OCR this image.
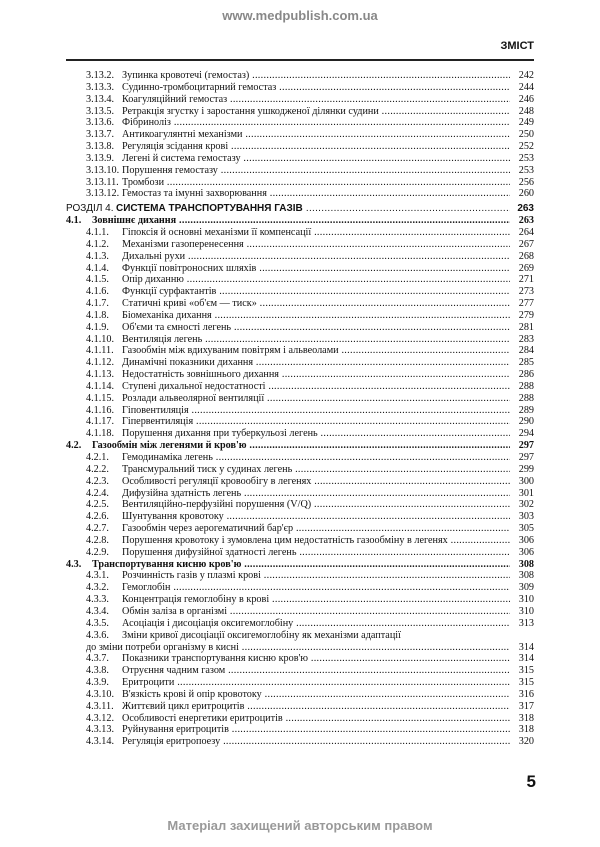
www.medpublish.com.ua
ЗМІСТ
3.13.2. Зупинка кровотечі (гемостаз) .....	242
3.13.3. Судинно-тромбоцитарний гемостаз .....	244
3.13.4. Коагуляційний гемостаз .....	246
3.13.5. Ретракція згустку і заростання ушкодженої ділянки судини .....	248
3.13.6. Фібриноліз .....	249
3.13.7. Антикоагулянтні механізми .....	250
3.13.8. Регуляція зсідання крові .....	252
3.13.9. Легені й система гемостазу .....	253
3.13.10. Порушення гемостазу .....	253
3.13.11. Тромбози .....	256
3.13.12. Гемостаз та імунні захворювання .....	260
РОЗДІЛ 4. СИСТЕМА ТРАНСПОРТУВАННЯ ГАЗІВ .....	263
4.1. Зовнішнє дихання .....	263
4.1.1. Гіпоксія й основні механізми її компенсації .....	264
4.1.2. Механізми газоперенесення .....	267
4.1.3. Дихальні рухи .....	268
4.1.4. Функції повітроносних шляхів .....	269
4.1.5. Опір диханню .....	271
4.1.6. Функції сурфактантів .....	273
4.1.7. Статичні криві «об'єм — тиск» .....	277
4.1.8. Біомеханіка дихання .....	279
4.1.9. Об'єми та ємності легень .....	281
4.1.10. Вентиляція легень .....	283
4.1.11. Газообмін між вдихуваним повітрям і альвеолами .....	284
4.1.12. Динамічні показники дихання .....	285
4.1.13. Недостатність зовнішнього дихання .....	286
4.1.14. Ступені дихальної недостатності .....	288
4.1.15. Розлади альвеолярної вентиляції .....	288
4.1.16. Гіповентиляція .....	289
4.1.17. Гіпервентиляція .....	290
4.1.18. Порушення дихання при туберкульозі легень .....	294
4.2. Газообмін між легенями й кров'ю .....	297
4.2.1. Гемодинаміка легень .....	297
4.2.2. Трансмуральний тиск у судинах легень .....	299
4.2.3. Особливості регуляції кровообігу в легенях .....	300
4.2.4. Дифузійна здатність легень .....	301
4.2.5. Вентиляційно-перфузійні порушення (V/Q) .....	302
4.2.6. Шунтування кровотоку .....	303
4.2.7. Газообмін через аерогематичний бар'єр .....	305
4.2.8. Порушення кровотоку і зумовлена цим недостатність газообміну в легенях .....	306
4.2.9. Порушення дифузійної здатності легень .....	306
4.3. Транспортування кисню кров'ю .....	308
4.3.1. Розчинність газів у плазмі крові .....	308
4.3.2. Гемоглобін .....	309
4.3.3. Концентрація гемоглобіну в крові .....	310
4.3.4. Обмін заліза в організмі .....	310
4.3.5. Асоціація і дисоціація оксигемоглобіну .....	313
4.3.6. Зміни кривої дисоціації оксигемоглобіну як механізми адаптації
до зміни потреби організму в кисні .....	314
4.3.7. Показники транспортування кисню кров'ю .....	314
4.3.8. Отруєння чадним газом .....	315
4.3.9. Еритроцити .....	315
4.3.10. В'язкість крові й опір кровотоку .....	316
4.3.11. Життєвий цикл еритроцитів .....	317
4.3.12. Особливості енергетики еритроцитів .....	318
4.3.13. Руйнування еритроцитів .....	318
4.3.14. Регуляція еритропоезу .....	320
5
Матеріал захищений авторським правом
